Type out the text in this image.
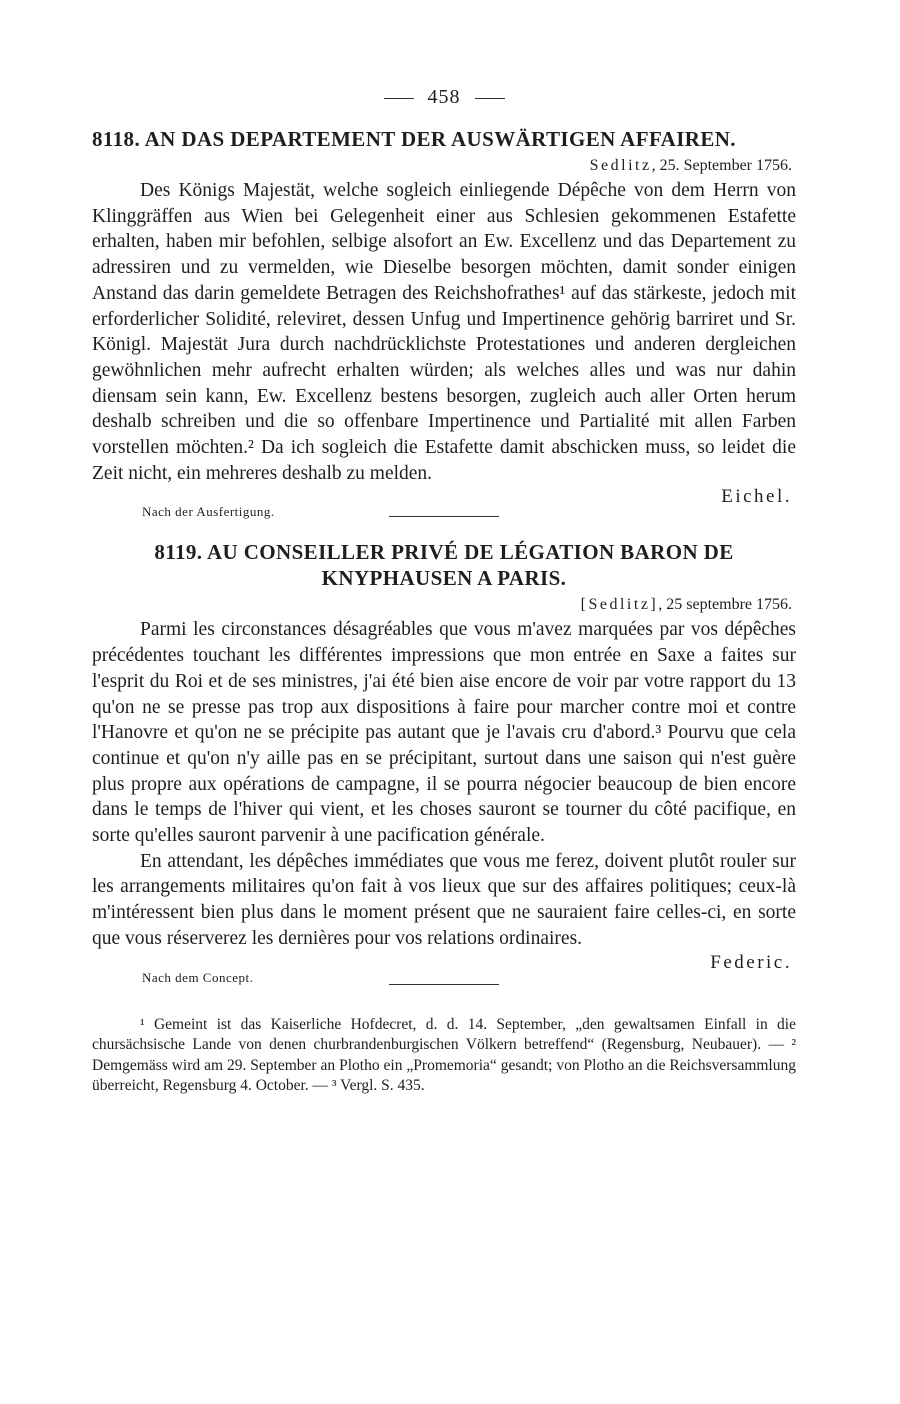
458
8118. AN DAS DEPARTEMENT DER AUSWÄRTIGEN AFFAIREN.
Sedlitz, 25. September 1756.

Des Königs Majestät, welche sogleich einliegende Dépêche von dem Herrn von Klinggräffen aus Wien bei Gelegenheit einer aus Schlesien gekommenen Estafette erhalten, haben mir befohlen, selbige alsofort an Ew. Excellenz und das Departement zu adressiren und zu vermelden, wie Dieselbe besorgen möchten, damit sonder einigen Anstand das darin gemeldete Betragen des Reichshofrathes¹ auf das stärkeste, jedoch mit erforderlicher Solidité, releviret, dessen Unfug und Impertinence gehörig barriret und Sr. Königl. Majestät Jura durch nachdrücklichste Protestationes und anderen dergleichen gewöhnlichen mehr aufrecht erhalten würden; als welches alles und was nur dahin diensam sein kann, Ew. Excellenz bestens besorgen, zugleich auch aller Orten herum deshalb schreiben und die so offenbare Impertinence und Partialité mit allen Farben vorstellen möchten.² Da ich sogleich die Estafette damit abschicken muss, so leidet die Zeit nicht, ein mehreres deshalb zu melden.

Nach der Ausfertigung.
Eichel.
8119. AU CONSEILLER PRIVÉ DE LÉGATION BARON DE
KNYPHAUSEN A PARIS.
[Sedlitz], 25 septembre 1756.

Parmi les circonstances désagréables que vous m'avez marquées par vos dépêches précédentes touchant les différentes impressions que mon entrée en Saxe a faites sur l'esprit du Roi et de ses ministres, j'ai été bien aise encore de voir par votre rapport du 13 qu'on ne se presse pas trop aux dispositions à faire pour marcher contre moi et contre l'Hanovre et qu'on ne se précipite pas autant que je l'avais cru d'abord.³ Pourvu que cela continue et qu'on n'y aille pas en se précipitant, surtout dans une saison qui n'est guère plus propre aux opérations de campagne, il se pourra négocier beaucoup de bien encore dans le temps de l'hiver qui vient, et les choses sauront se tourner du côté pacifique, en sorte qu'elles sauront parvenir à une pacification générale.

En attendant, les dépêches immédiates que vous me ferez, doivent plutôt rouler sur les arrangements militaires qu'on fait à vos lieux que sur des affaires politiques; ceux-là m'intéressent bien plus dans le moment présent que ne sauraient faire celles-ci, en sorte que vous réserverez les dernières pour vos relations ordinaires.

Nach dem Concept.
Federic.

¹ Gemeint ist das Kaiserliche Hofdecret, d. d. 14. September, „den gewaltsamen Einfall in die chursächsische Lande von denen churbrandenburgischen Völkern betreffend“ (Regensburg, Neubauer). — ² Demgemäss wird am 29. September an Plotho ein „Promemoria“ gesandt; von Plotho an die Reichsversammlung überreicht, Regensburg 4. October. — ³ Vergl. S. 435.
